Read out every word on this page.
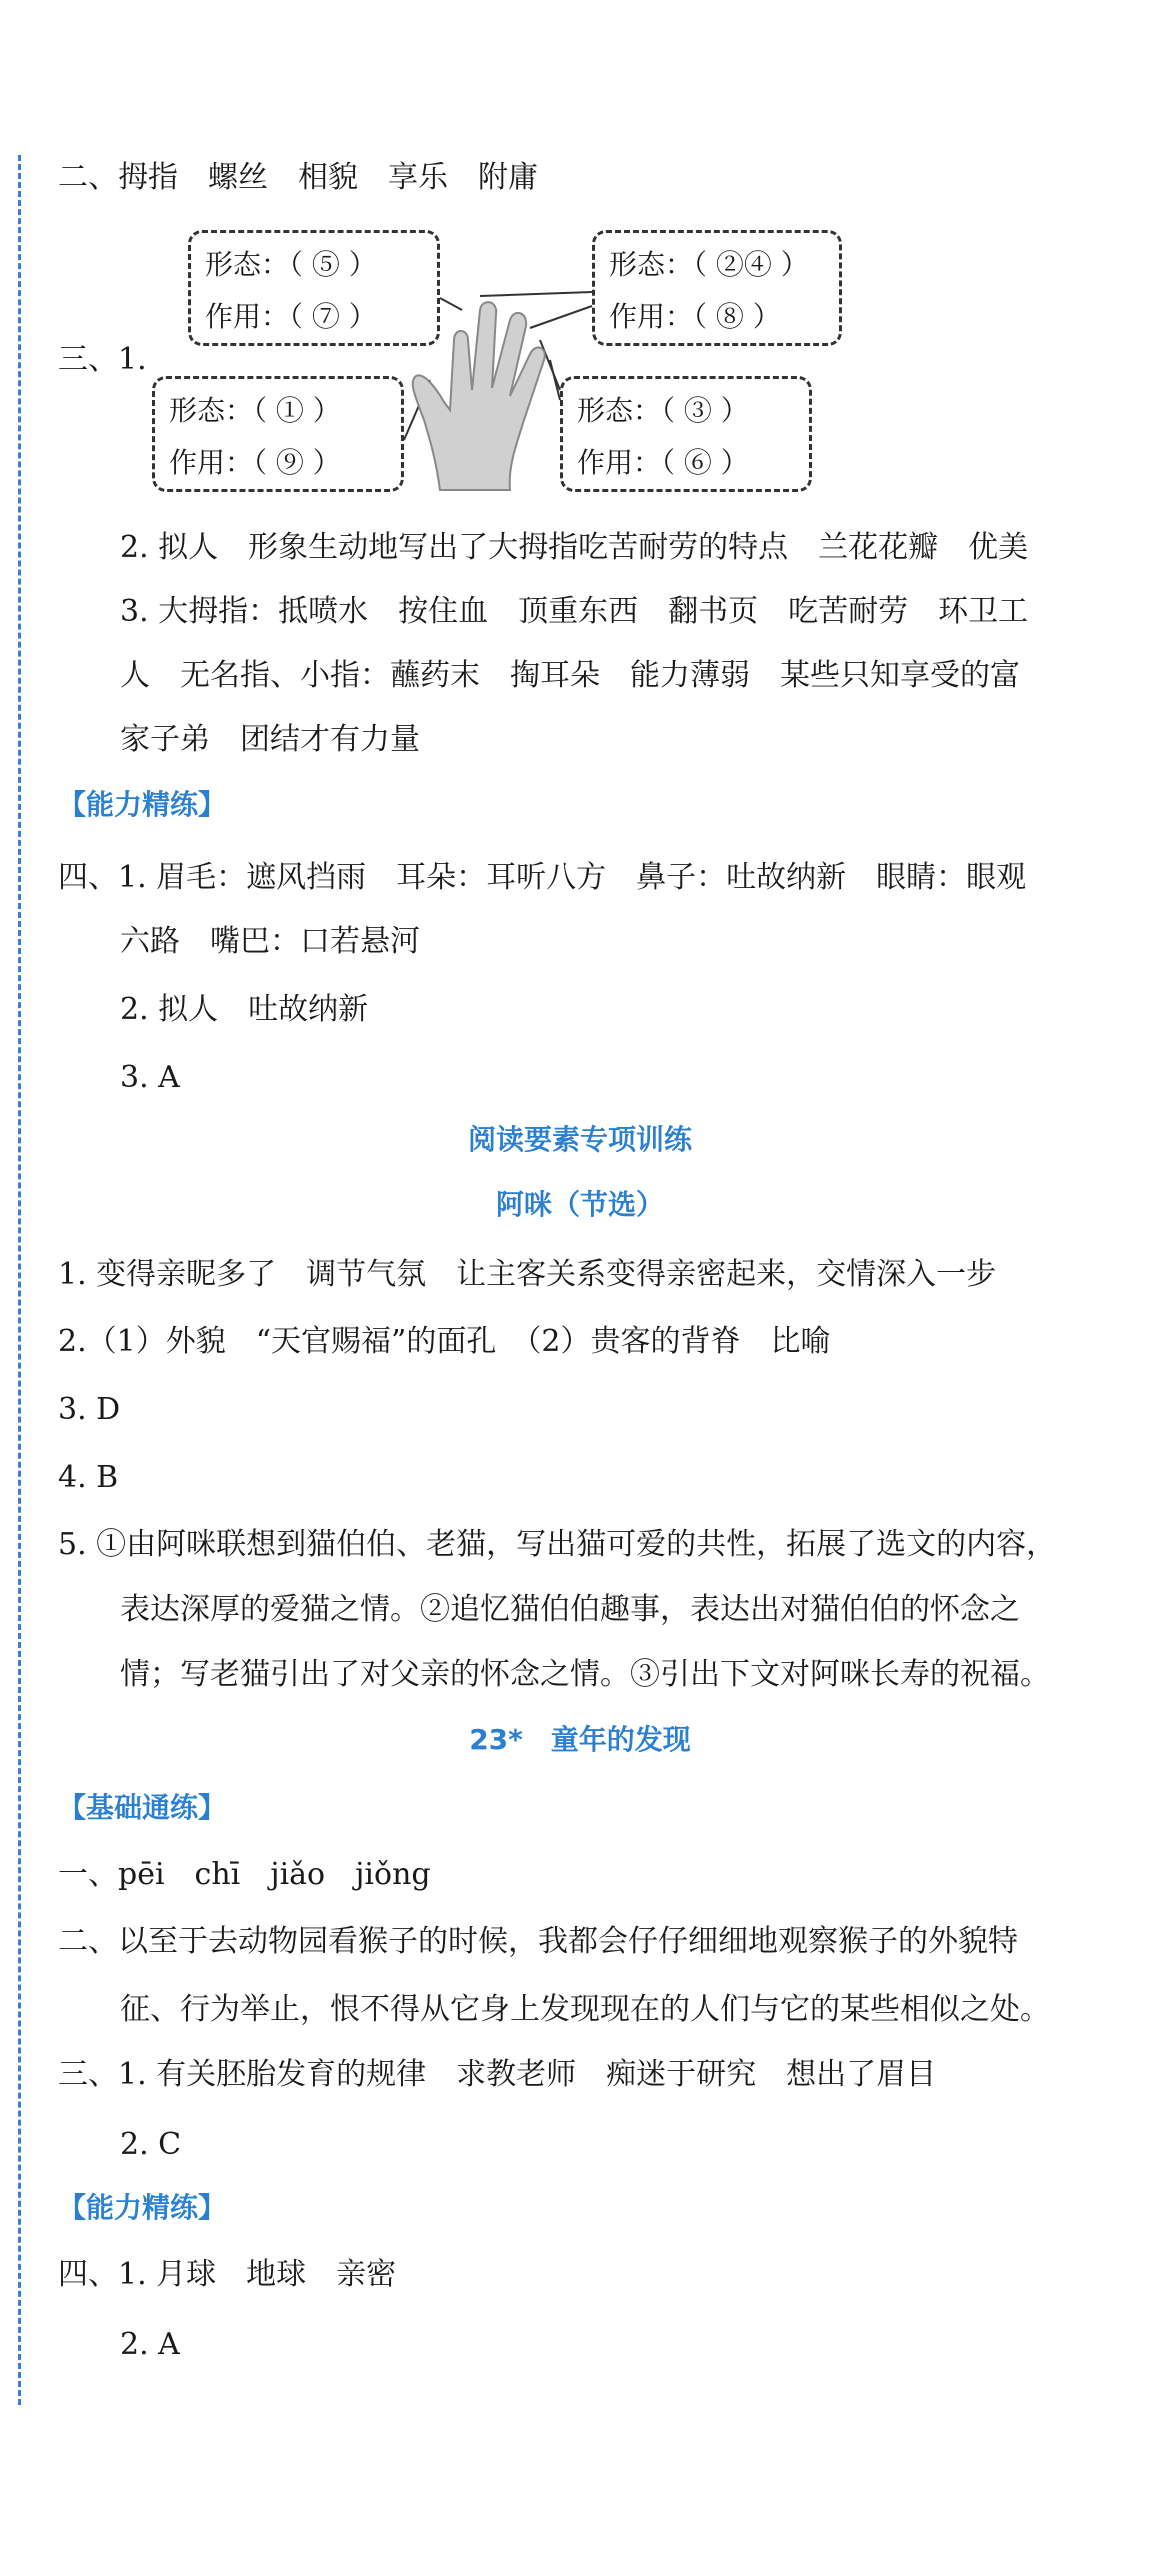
二、拇指　螺丝　相貌　享乐　附庸
形态：（ ⑤ ）
作用：（ ⑦ ）
形态：（ ②④ ）
作用：（ ⑧ ）
三、1.
形态：（ ① ）
作用：（ ⑨ ）
形态：（ ③ ）
作用：（ ⑥ ）
【能力精练】
阅读要素专项训练
阿咪（节选）
23*　童年的发现
【基础通练】
【能力精练】
2. 拟人　形象生动地写出了大拇指吃苦耐劳的特点　兰花花瓣　优美
3. 大拇指：抵喷水　按住血　顶重东西　翻书页　吃苦耐劳　环卫工
人　无名指、小指：蘸药末　掏耳朵　能力薄弱　某些只知享受的富
家子弟　团结才有力量
四、1. 眉毛：遮风挡雨　耳朵：耳听八方　鼻子：吐故纳新　眼睛：眼观
六路　嘴巴：口若悬河
2. 拟人　吐故纳新
3. A
1. 变得亲昵多了　调节气氛　让主客关系变得亲密起来，交情深入一步
2.（1）外貌　“天官赐福”的面孔　（2）贵客的背脊　比喻
3. D
4. B
5. ①由阿咪联想到猫伯伯、老猫，写出猫可爱的共性，拓展了选文的内容，
表达深厚的爱猫之情。②追忆猫伯伯趣事，表达出对猫伯伯的怀念之
情；写老猫引出了对父亲的怀念之情。③引出下文对阿咪长寿的祝福。
一、pēi　chī　jiǎo　jiǒng
二、以至于去动物园看猴子的时候，我都会仔仔细细地观察猴子的外貌特
征、行为举止，恨不得从它身上发现现在的人们与它的某些相似之处。
三、1. 有关胚胎发育的规律　求教老师　痴迷于研究　想出了眉目
2. C
四、1. 月球　地球　亲密
2. A
